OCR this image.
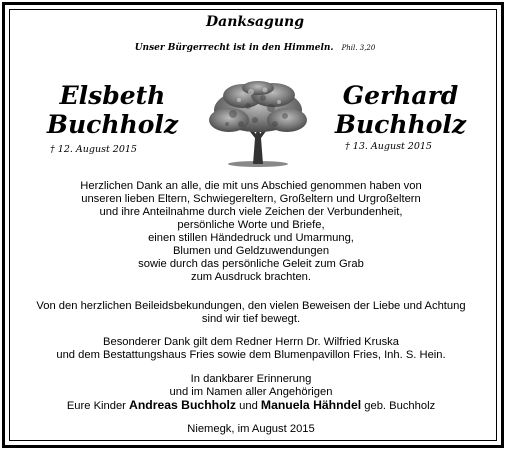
Danksagung
Unser Bürgerrecht ist in den Himmeln. Phil. 3,20
Elsbeth
Buchholz
† 12. August 2015
Gerhard
Buchholz
† 13. August 2015
Herzlichen Dank an alle, die mit uns Abschied genommen haben von
unseren lieben Eltern, Schwiegereltern, Großeltern und Urgroßeltern
und ihre Anteilnahme durch viele Zeichen der Verbundenheit,
persönliche Worte und Briefe,
einen stillen Händedruck und Umarmung,
Blumen und Geldzuwendungen
sowie durch das persönliche Geleit zum Grab
zum Ausdruck brachten.
Von den herzlichen Beileidsbekundungen, den vielen Beweisen der Liebe und Achtung
sind wir tief bewegt.
Besonderer Dank gilt dem Redner Herrn Dr. Wilfried Kruska
und dem Bestattungshaus Fries sowie dem Blumenpavillon Fries, Inh. S. Hein.
In dankbarer Erinnerung
und im Namen aller Angehörigen
Eure Kinder Andreas Buchholz und Manuela Hähndel geb. Buchholz
Niemegk, im August 2015
